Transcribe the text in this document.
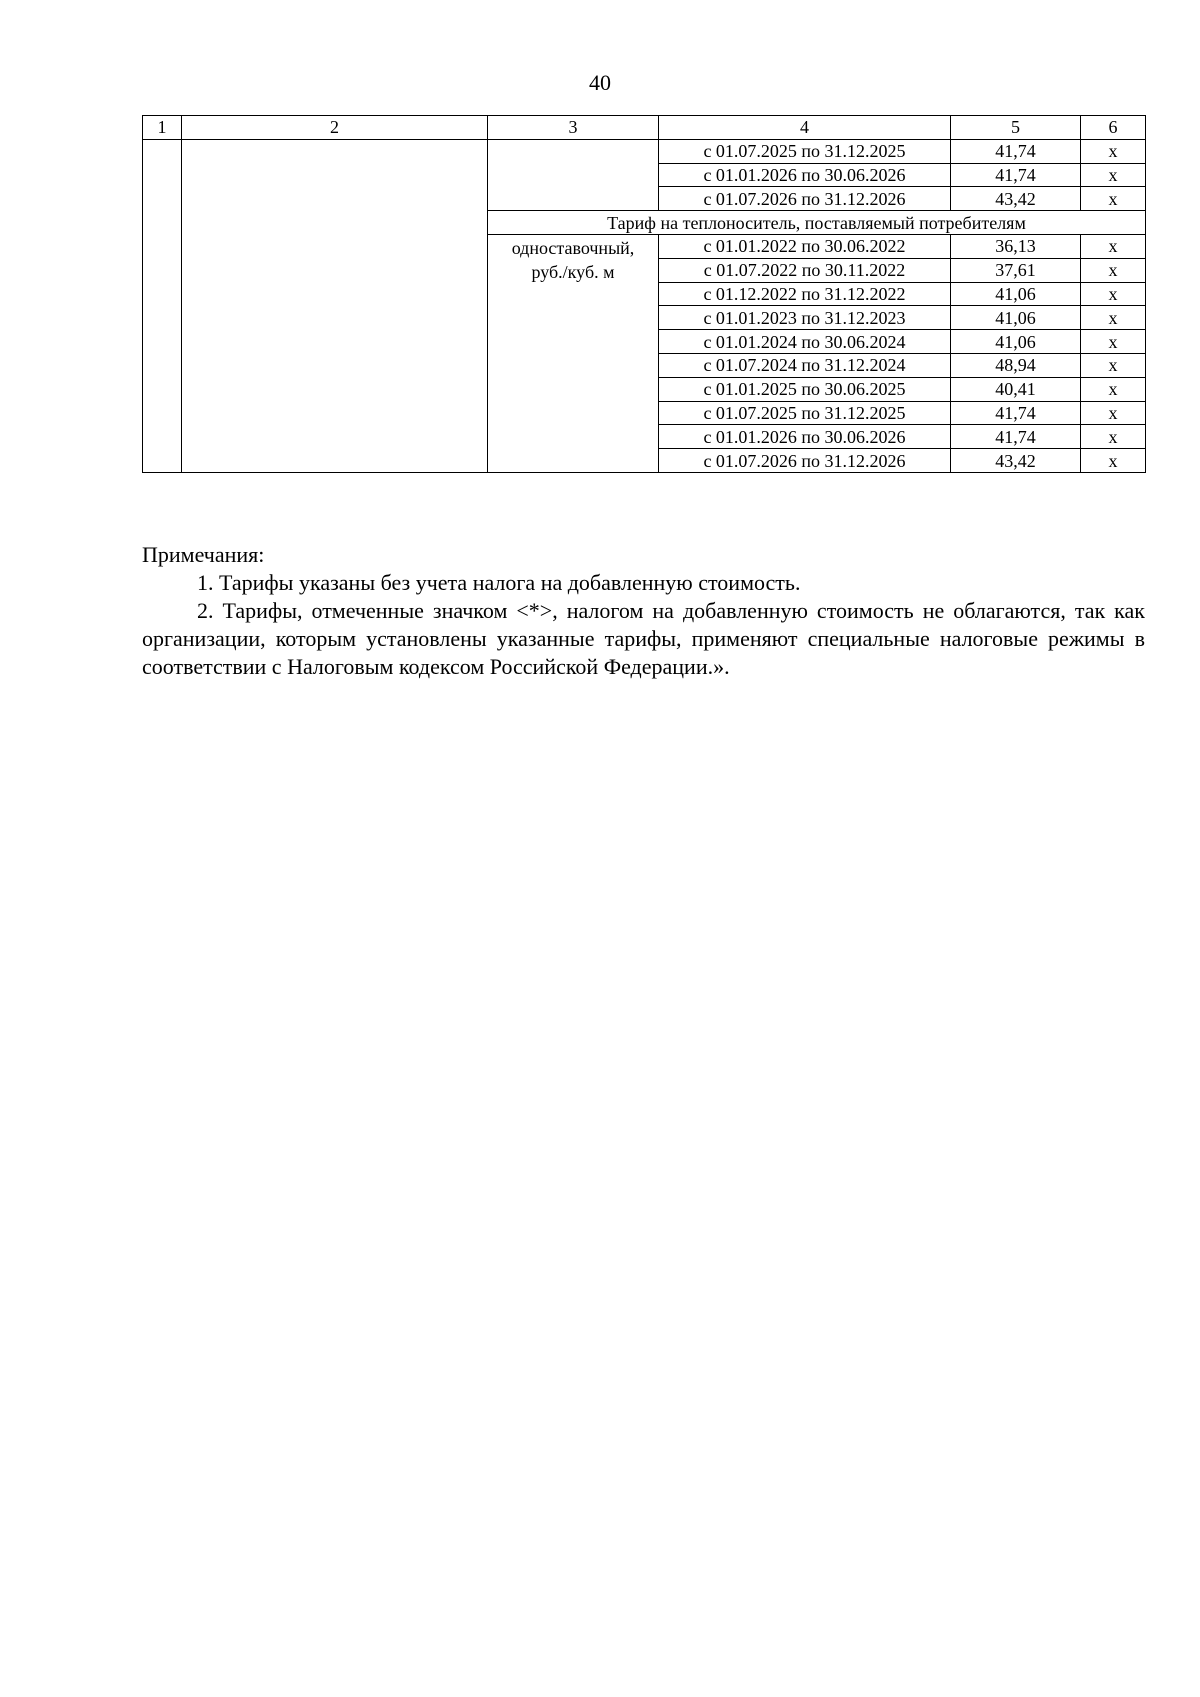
40
1	2	3	4	5	6
			с 01.07.2025 по 31.12.2025	41,74	х
			с 01.01.2026 по 30.06.2026	41,74	х
			с 01.07.2026 по 31.12.2026	43,42	х
		Тариф на теплоноситель, поставляемый потребителям			
		одноставочный, руб./куб. м	с 01.01.2022 по 30.06.2022	36,13	х
			с 01.07.2022 по 30.11.2022	37,61	х
			с 01.12.2022 по 31.12.2022	41,06	х
			с 01.01.2023 по 31.12.2023	41,06	х
			с 01.01.2024 по 30.06.2024	41,06	х
			с 01.07.2024 по 31.12.2024	48,94	х
			с 01.01.2025 по 30.06.2025	40,41	х
			с 01.07.2025 по 31.12.2025	41,74	х
			с 01.01.2026 по 30.06.2026	41,74	х
			с 01.07.2026 по 31.12.2026	43,42	х

Примечания:

1. Тарифы указаны без учета налога на добавленную стоимость.

2. Тарифы, отмеченные значком <*>, налогом на добавленную стоимость не облагаются, так как организации, которым установлены указанные тарифы, применяют специальные налоговые режимы в соответствии с Налоговым кодексом Российской Федерации.».
